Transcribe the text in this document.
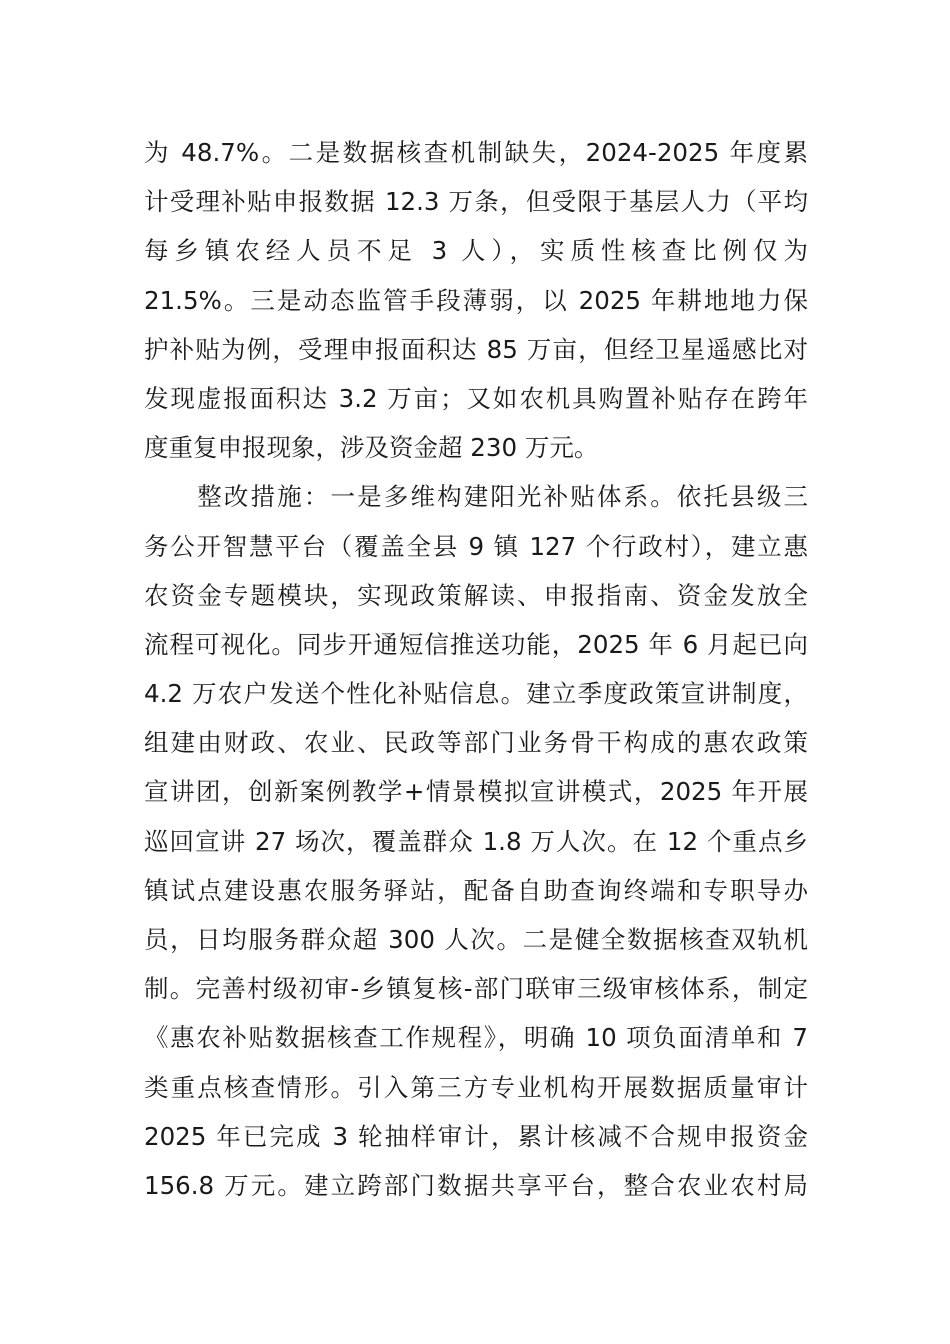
为 48.7%。二是数据核查机制缺失，2024-2025 年度累
计受理补贴申报数据 12.3 万条，但受限于基层人力（平均
每乡镇农经人员不足 3 人），实质性核查比例仅为
21.5%。三是动态监管手段薄弱，以 2025 年耕地地力保
护补贴为例，受理申报面积达 85 万亩，但经卫星遥感比对
发现虚报面积达 3.2 万亩；又如农机具购置补贴存在跨年
度重复申报现象，涉及资金超 230 万元。
　　整改措施：一是多维构建阳光补贴体系。依托县级三
务公开智慧平台（覆盖全县 9 镇 127 个行政村），建立惠
农资金专题模块，实现政策解读、申报指南、资金发放全
流程可视化。同步开通短信推送功能，2025 年 6 月起已向
4.2 万农户发送个性化补贴信息。建立季度政策宣讲制度，
组建由财政、农业、民政等部门业务骨干构成的惠农政策
宣讲团，创新案例教学+情景模拟宣讲模式，2025 年开展
巡回宣讲 27 场次，覆盖群众 1.8 万人次。在 12 个重点乡
镇试点建设惠农服务驿站，配备自助查询终端和专职导办
员，日均服务群众超 300 人次。二是健全数据核查双轨机
制。完善村级初审-乡镇复核-部门联审三级审核体系，制定
《惠农补贴数据核查工作规程》，明确 10 项负面清单和 7
类重点核查情形。引入第三方专业机构开展数据质量审计
2025 年已完成 3 轮抽样审计，累计核减不合规申报资金
156.8 万元。建立跨部门数据共享平台，整合农业农村局
